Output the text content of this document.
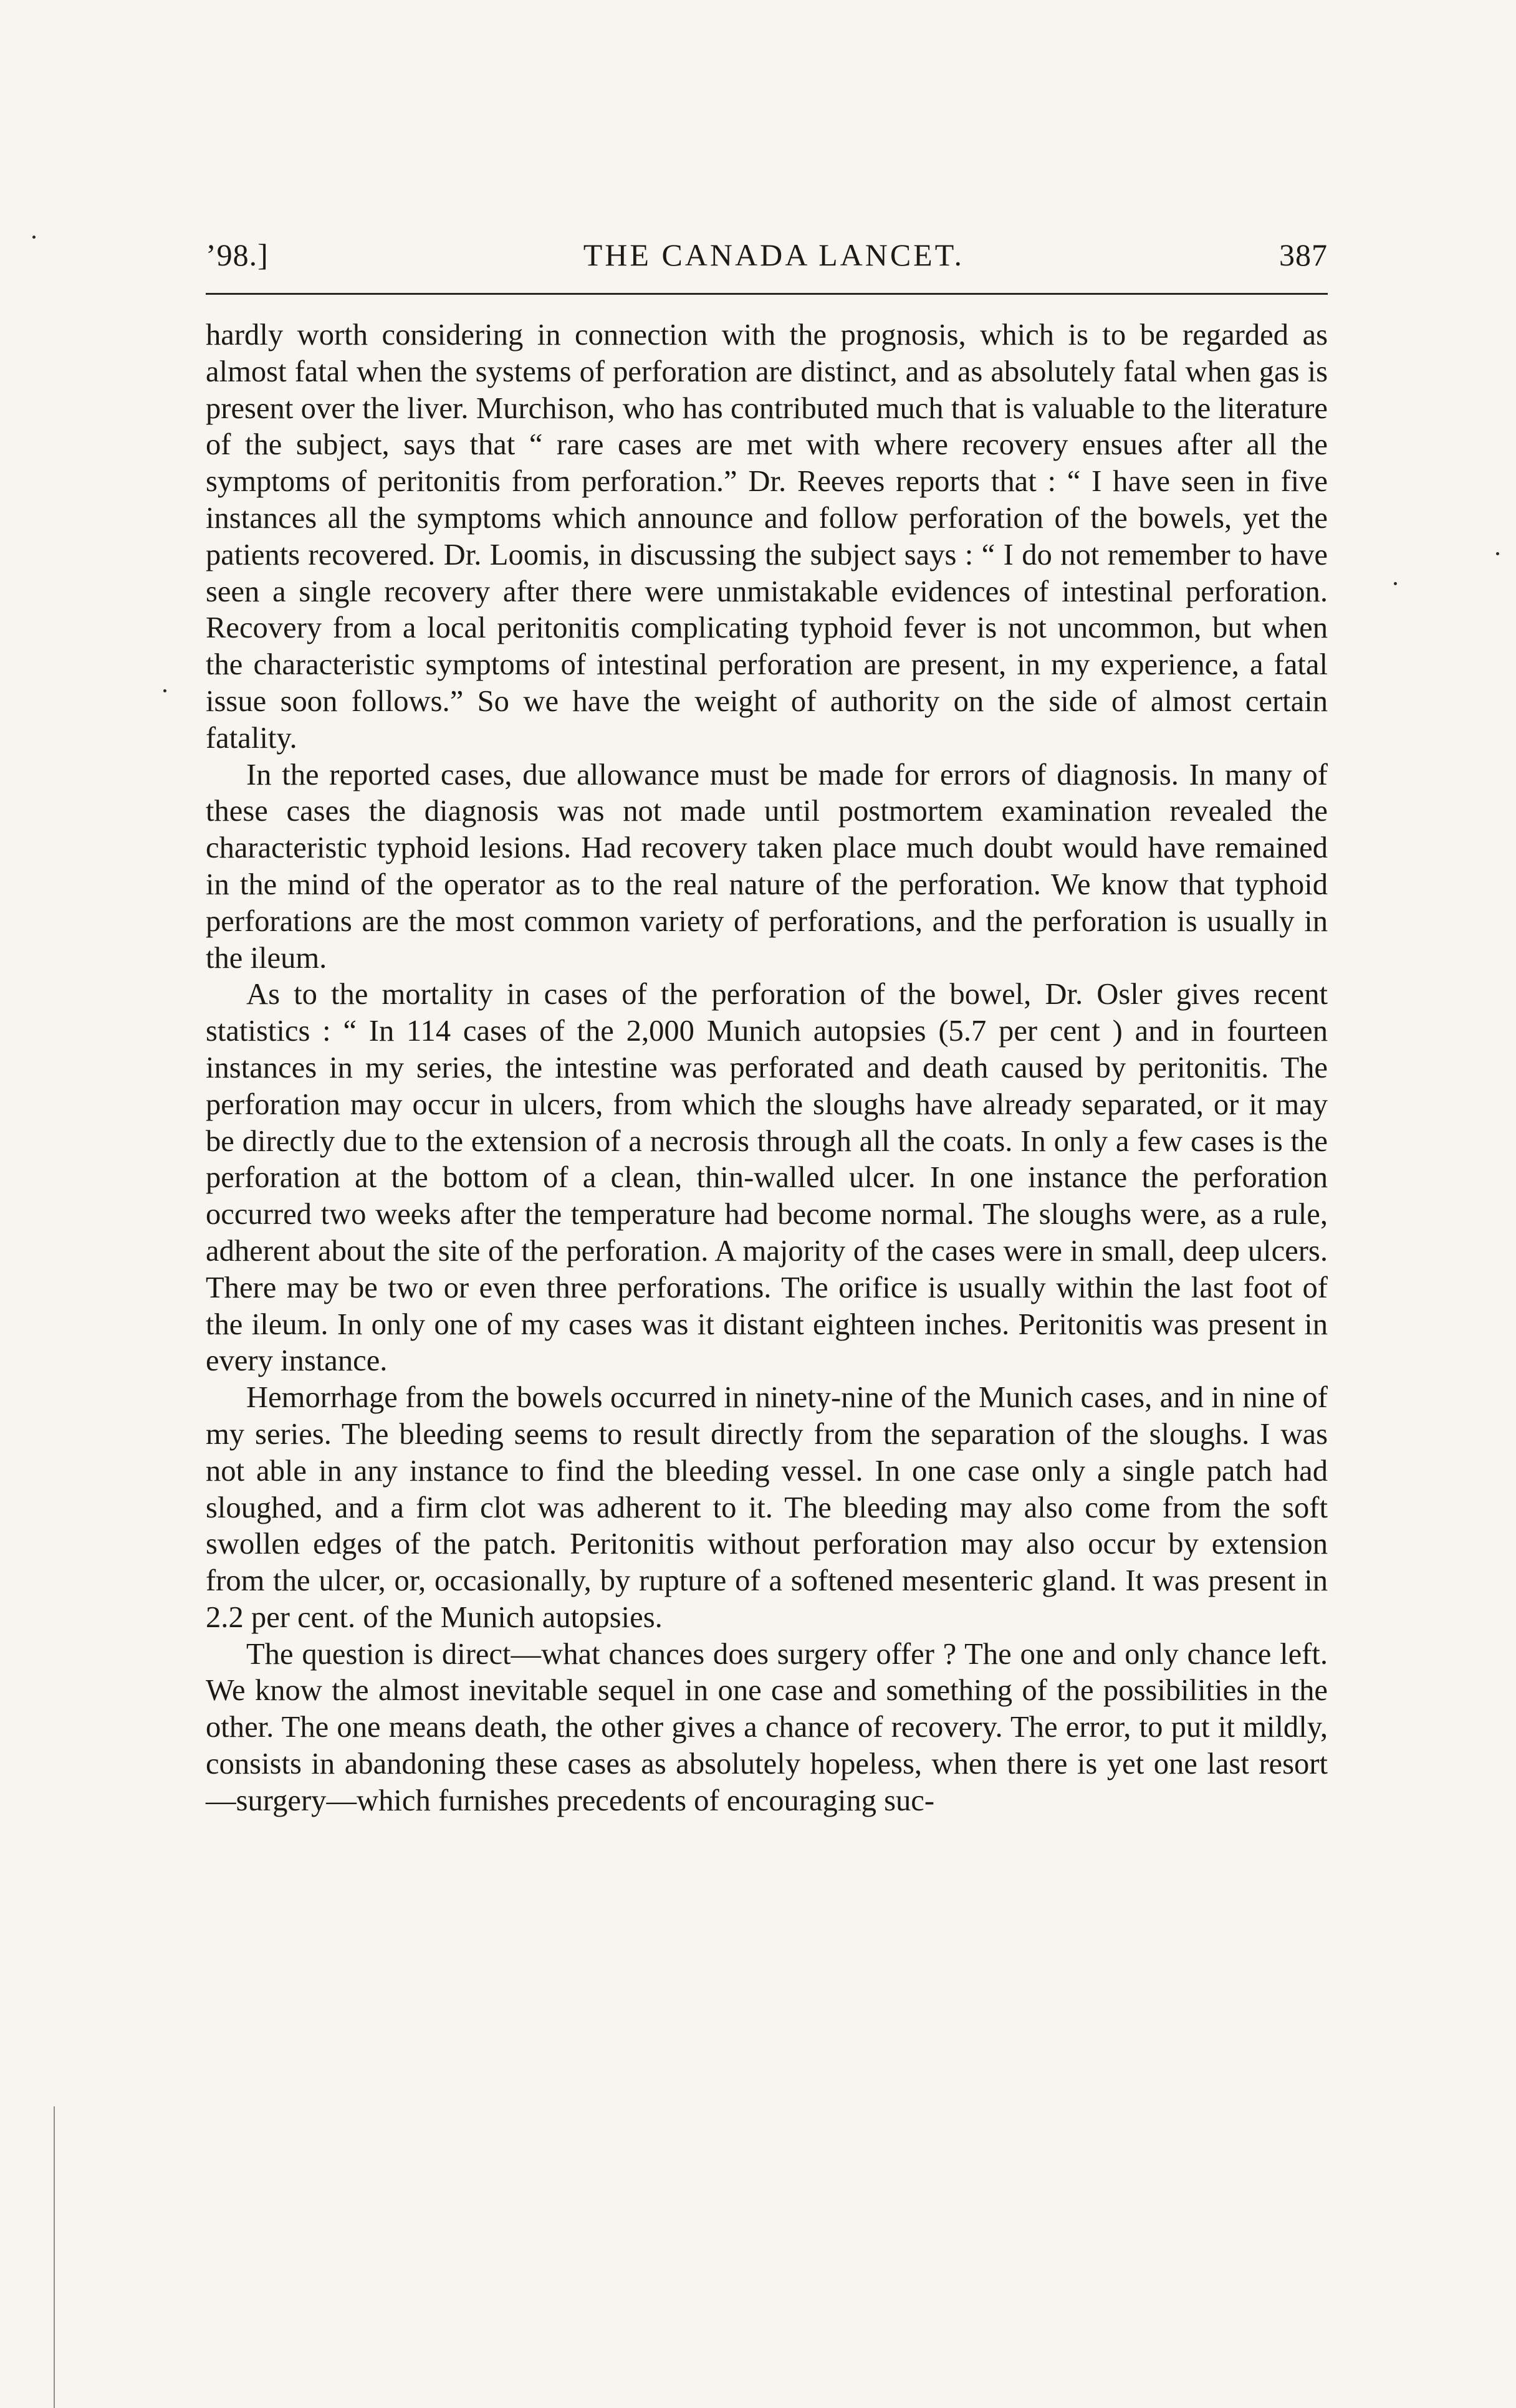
’98.]	THE CANADA LANCET.	387

hardly worth considering in connection with the prognosis, which is to be regarded as almost fatal when the systems of perforation are distinct, and as absolutely fatal when gas is present over the liver. Murchison, who has contributed much that is valuable to the literature of the subject, says that “ rare cases are met with where recovery ensues after all the symptoms of peritonitis from perforation.” Dr. Reeves reports that : “ I have seen in five instances all the symptoms which announce and follow perforation of the bowels, yet the patients recovered. Dr. Loomis, in discussing the subject says : “ I do not remember to have seen a single recovery after there were unmistakable evidences of intestinal perforation. Recovery from a local peritonitis complicating typhoid fever is not uncommon, but when the characteristic symptoms of intestinal perforation are present, in my experience, a fatal issue soon follows.” So we have the weight of authority on the side of almost certain fatality.

In the reported cases, due allowance must be made for errors of diagnosis. In many of these cases the diagnosis was not made until postmortem examination revealed the characteristic typhoid lesions. Had recovery taken place much doubt would have remained in the mind of the operator as to the real nature of the perforation. We know that typhoid perforations are the most common variety of perforations, and the perforation is usually in the ileum.

As to the mortality in cases of the perforation of the bowel, Dr. Osler gives recent statistics : “ In 114 cases of the 2,000 Munich autopsies (5.7 per cent ) and in fourteen instances in my series, the intestine was perforated and death caused by peritonitis. The perforation may occur in ulcers, from which the sloughs have already separated, or it may be directly due to the extension of a necrosis through all the coats. In only a few cases is the perforation at the bottom of a clean, thin-walled ulcer. In one instance the perforation occurred two weeks after the temperature had become normal. The sloughs were, as a rule, adherent about the site of the perforation. A majority of the cases were in small, deep ulcers. There may be two or even three perforations. The orifice is usually within the last foot of the ileum. In only one of my cases was it distant eighteen inches. Peritonitis was present in every instance.

Hemorrhage from the bowels occurred in ninety-nine of the Munich cases, and in nine of my series. The bleeding seems to result directly from the separation of the sloughs. I was not able in any instance to find the bleeding vessel. In one case only a single patch had sloughed, and a firm clot was adherent to it. The bleeding may also come from the soft swollen edges of the patch. Peritonitis without perforation may also occur by extension from the ulcer, or, occasionally, by rupture of a softened mesenteric gland. It was present in 2.2 per cent. of the Munich autopsies.

The question is direct—what chances does surgery offer ? The one and only chance left. We know the almost inevitable sequel in one case and something of the possibilities in the other. The one means death, the other gives a chance of recovery. The error, to put it mildly, consists in abandoning these cases as absolutely hopeless, when there is yet one last resort—surgery—which furnishes precedents of encouraging suc-
